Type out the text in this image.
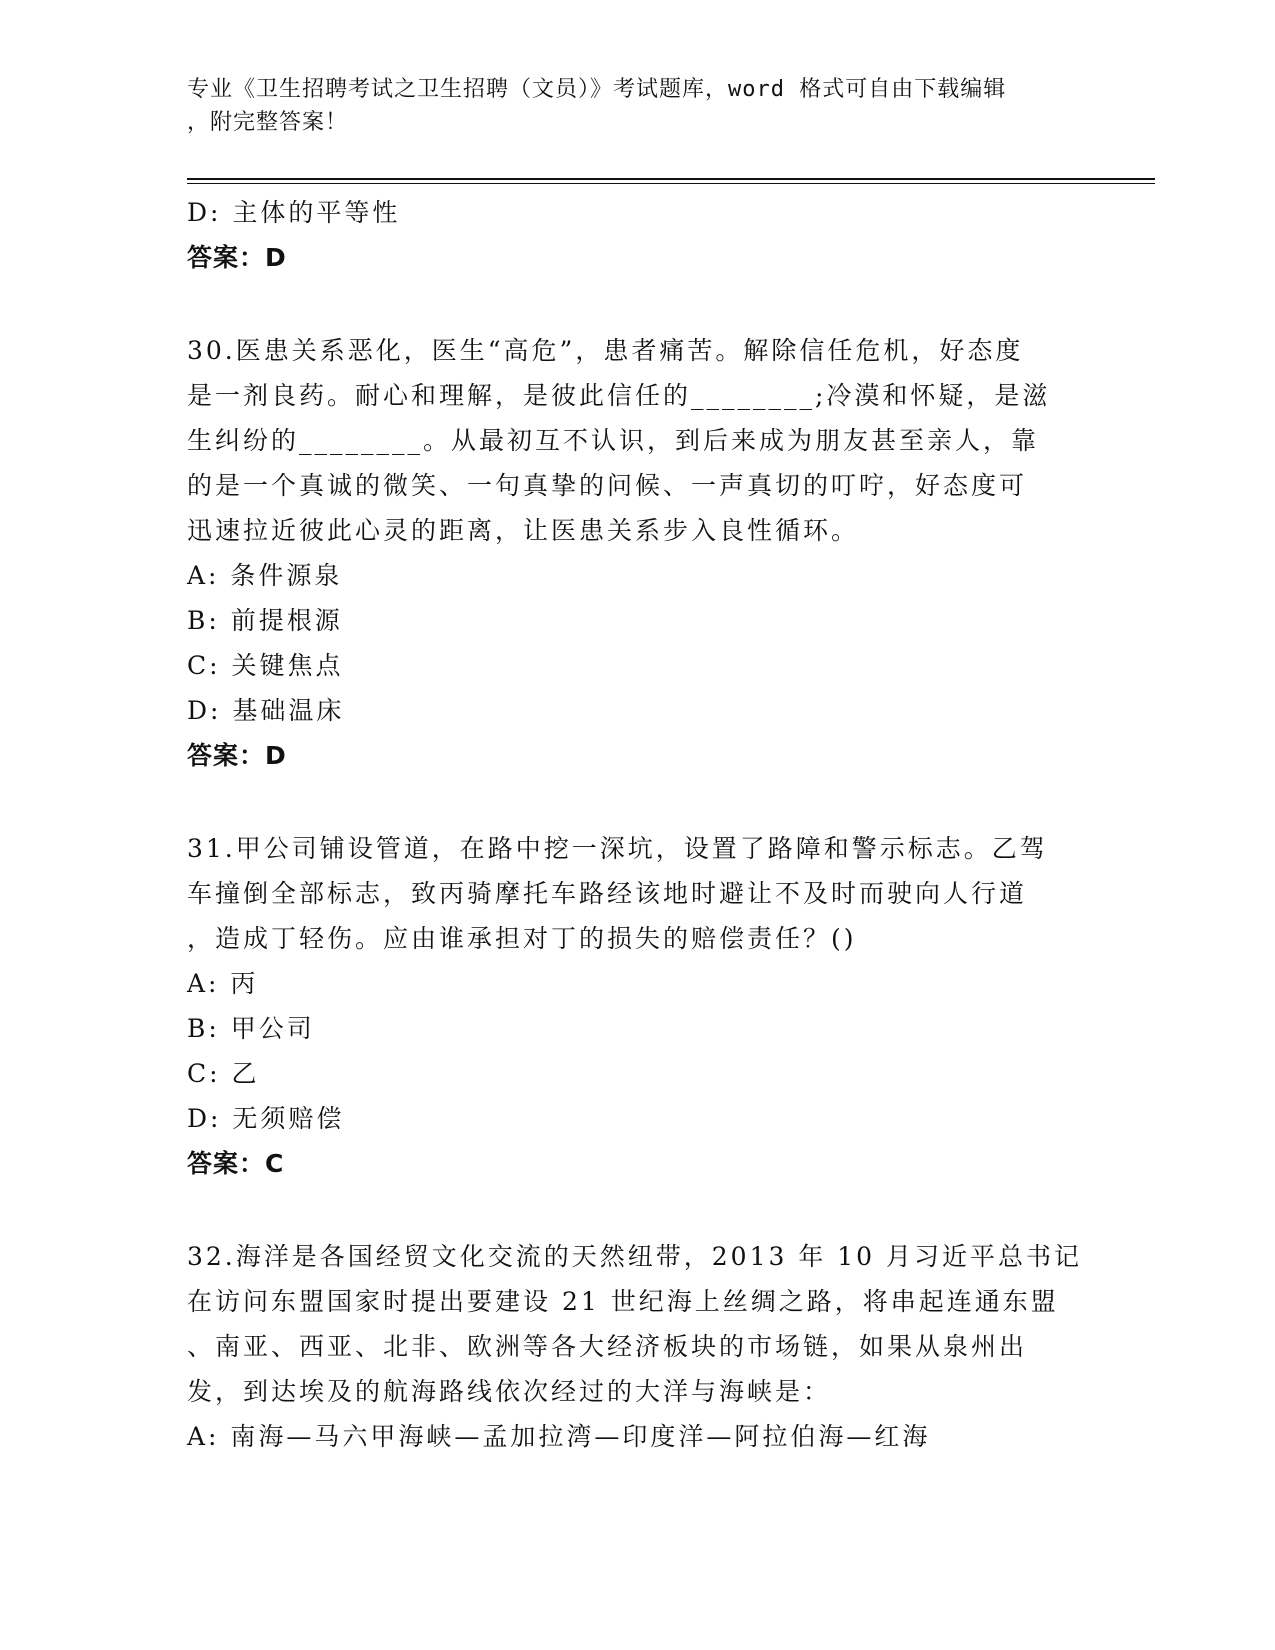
专业《卫生招聘考试之卫生招聘（文员）》考试题库，word 格式可自由下载编辑

，附完整答案！

D: 主体的平等性

答案：D

30.医患关系恶化，医生“高危”，患者痛苦。解除信任危机，好态度

是一剂良药。耐心和理解，是彼此信任的________;冷漠和怀疑，是滋

生纠纷的________。从最初互不认识，到后来成为朋友甚至亲人，靠

的是一个真诚的微笑、一句真挚的问候、一声真切的叮咛，好态度可

迅速拉近彼此心灵的距离，让医患关系步入良性循环。

A: 条件源泉

B: 前提根源

C: 关键焦点

D: 基础温床

答案：D

31.甲公司铺设管道，在路中挖一深坑，设置了路障和警示标志。乙驾

车撞倒全部标志，致丙骑摩托车路经该地时避让不及时而驶向人行道

，造成丁轻伤。应由谁承担对丁的损失的赔偿责任？()

A: 丙

B: 甲公司

C: 乙

D: 无须赔偿

答案：C

32.海洋是各国经贸文化交流的天然纽带，2013 年 10 月习近平总书记

在访问东盟国家时提出要建设 21 世纪海上丝绸之路，将串起连通东盟

、南亚、西亚、北非、欧洲等各大经济板块的市场链，如果从泉州出

发，到达埃及的航海路线依次经过的大洋与海峡是：

A: 南海—马六甲海峡—孟加拉湾—印度洋—阿拉伯海—红海
